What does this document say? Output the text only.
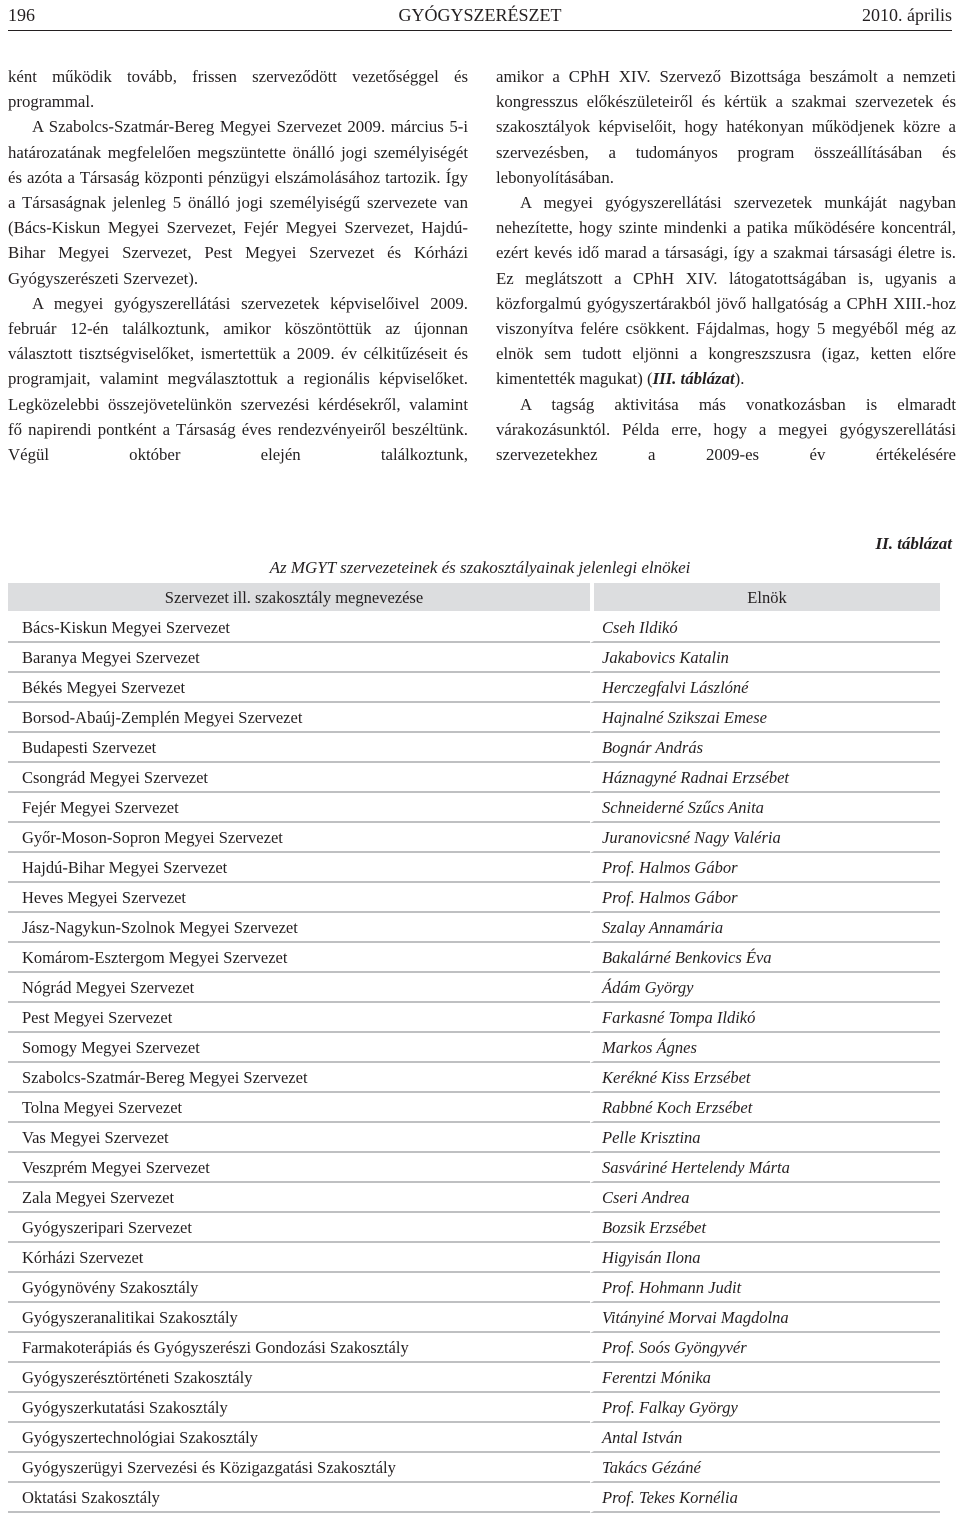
196	GYÓGYSZERÉSZET	2010. április

ként működik tovább, frissen szerveződött vezetőséggel és programmal.

A Szabolcs-Szatmár-Bereg Megyei Szervezet 2009. március 5-i határozatának megfelelően megszüntette önálló jogi személyiségét és azóta a Társaság központi pénzügyi elszámolásához tartozik. Így a Társaságnak jelenleg 5 önálló jogi személyiségű szervezete van (Bács-Kiskun Megyei Szervezet, Fejér Megyei Szervezet, Hajdú-Bihar Megyei Szervezet, Pest Megyei Szervezet és Kórházi Gyógyszerészeti Szervezet).

A megyei gyógyszerellátási szervezetek képviselőivel 2009. február 12-én találkoztunk, amikor köszöntöttük az újonnan választott tisztségviselőket, ismertettük a 2009. év célkitűzéseit és programjait, valamint megválasztottuk a regionális képviselőket. Legközelebbi összejövetelünkön szervezési kérdésekről, valamint fő napirendi pontként a Társaság éves rendezvényeiről beszéltünk. Végül október elején találkoztunk,

amikor a CPhH XIV. Szervező Bizottsága beszámolt a nemzeti kongresszus előkészületeiről és kértük a szakmai szervezetek és szakosztályok képviselőit, hogy hatékonyan működjenek közre a szervezésben, a tudományos program összeállításában és lebonyolításában.

A megyei gyógyszerellátási szervezetek munkáját nagyban nehezítette, hogy szinte mindenki a patika működésére koncentrál, ezért kevés idő marad a társasági, így a szakmai társasági életre is. Ez meglátszott a CPhH XIV. látogatottságában is, ugyanis a közforgalmú gyógyszertárakból jövő hallgatóság a CPhH XIII.-hoz viszonyítva felére csökkent. Fájdalmas, hogy 5 megyéből még az elnök sem tudott eljönni a kongreszszusra (igaz, ketten előre kimentették magukat) (III. táblázat).

A tagság aktivitása más vonatkozásban is elmaradt várakozásunktól. Példa erre, hogy a megyei gyógyszerellátási szervezetekhez a 2009-es év értékelésére

II. táblázat
Az MGYT szervezeteinek és szakosztályainak jelenlegi elnökei
Szervezet ill. szakosztály megnevezése	Elnök
Bács-Kiskun Megyei Szervezet	Cseh Ildikó
Baranya Megyei Szervezet	Jakabovics Katalin
Békés Megyei Szervezet	Herczegfalvi Lászlóné
Borsod-Abaúj-Zemplén Megyei Szervezet	Hajnalné Szikszai Emese
Budapesti Szervezet	Bognár András
Csongrád Megyei Szervezet	Háznagyné Radnai Erzsébet
Fejér Megyei Szervezet	Schneiderné Szűcs Anita
Győr-Moson-Sopron Megyei Szervezet	Juranovicsné Nagy Valéria
Hajdú-Bihar Megyei Szervezet	Prof. Halmos Gábor
Heves Megyei Szervezet	Prof. Halmos Gábor
Jász-Nagykun-Szolnok Megyei Szervezet	Szalay Annamária
Komárom-Esztergom Megyei Szervezet	Bakalárné Benkovics Éva
Nógrád Megyei Szervezet	Ádám György
Pest Megyei Szervezet	Farkasné Tompa Ildikó
Somogy Megyei Szervezet	Markos Ágnes
Szabolcs-Szatmár-Bereg Megyei Szervezet	Kerékné Kiss Erzsébet
Tolna Megyei Szervezet	Rabbné Koch Erzsébet
Vas Megyei Szervezet	Pelle Krisztina
Veszprém Megyei Szervezet	Sasváriné Hertelendy Márta
Zala Megyei Szervezet	Cseri Andrea
Gyógyszeripari Szervezet	Bozsik Erzsébet
Kórházi Szervezet	Higyisán Ilona
Gyógynövény Szakosztály	Prof. Hohmann Judit
Gyógyszeranalitikai Szakosztály	Vitányiné Morvai Magdolna
Farmakoterápiás és Gyógyszerészi Gondozási Szakosztály	Prof. Soós Gyöngyvér
Gyógyszerésztörténeti Szakosztály	Ferentzi Mónika
Gyógyszerkutatási Szakosztály	Prof. Falkay György
Gyógyszertechnológiai Szakosztály	Antal István
Gyógyszerügyi Szervezési és Közigazgatási Szakosztály	Takács Gézáné
Oktatási Szakosztály	Prof. Tekes Kornélia
